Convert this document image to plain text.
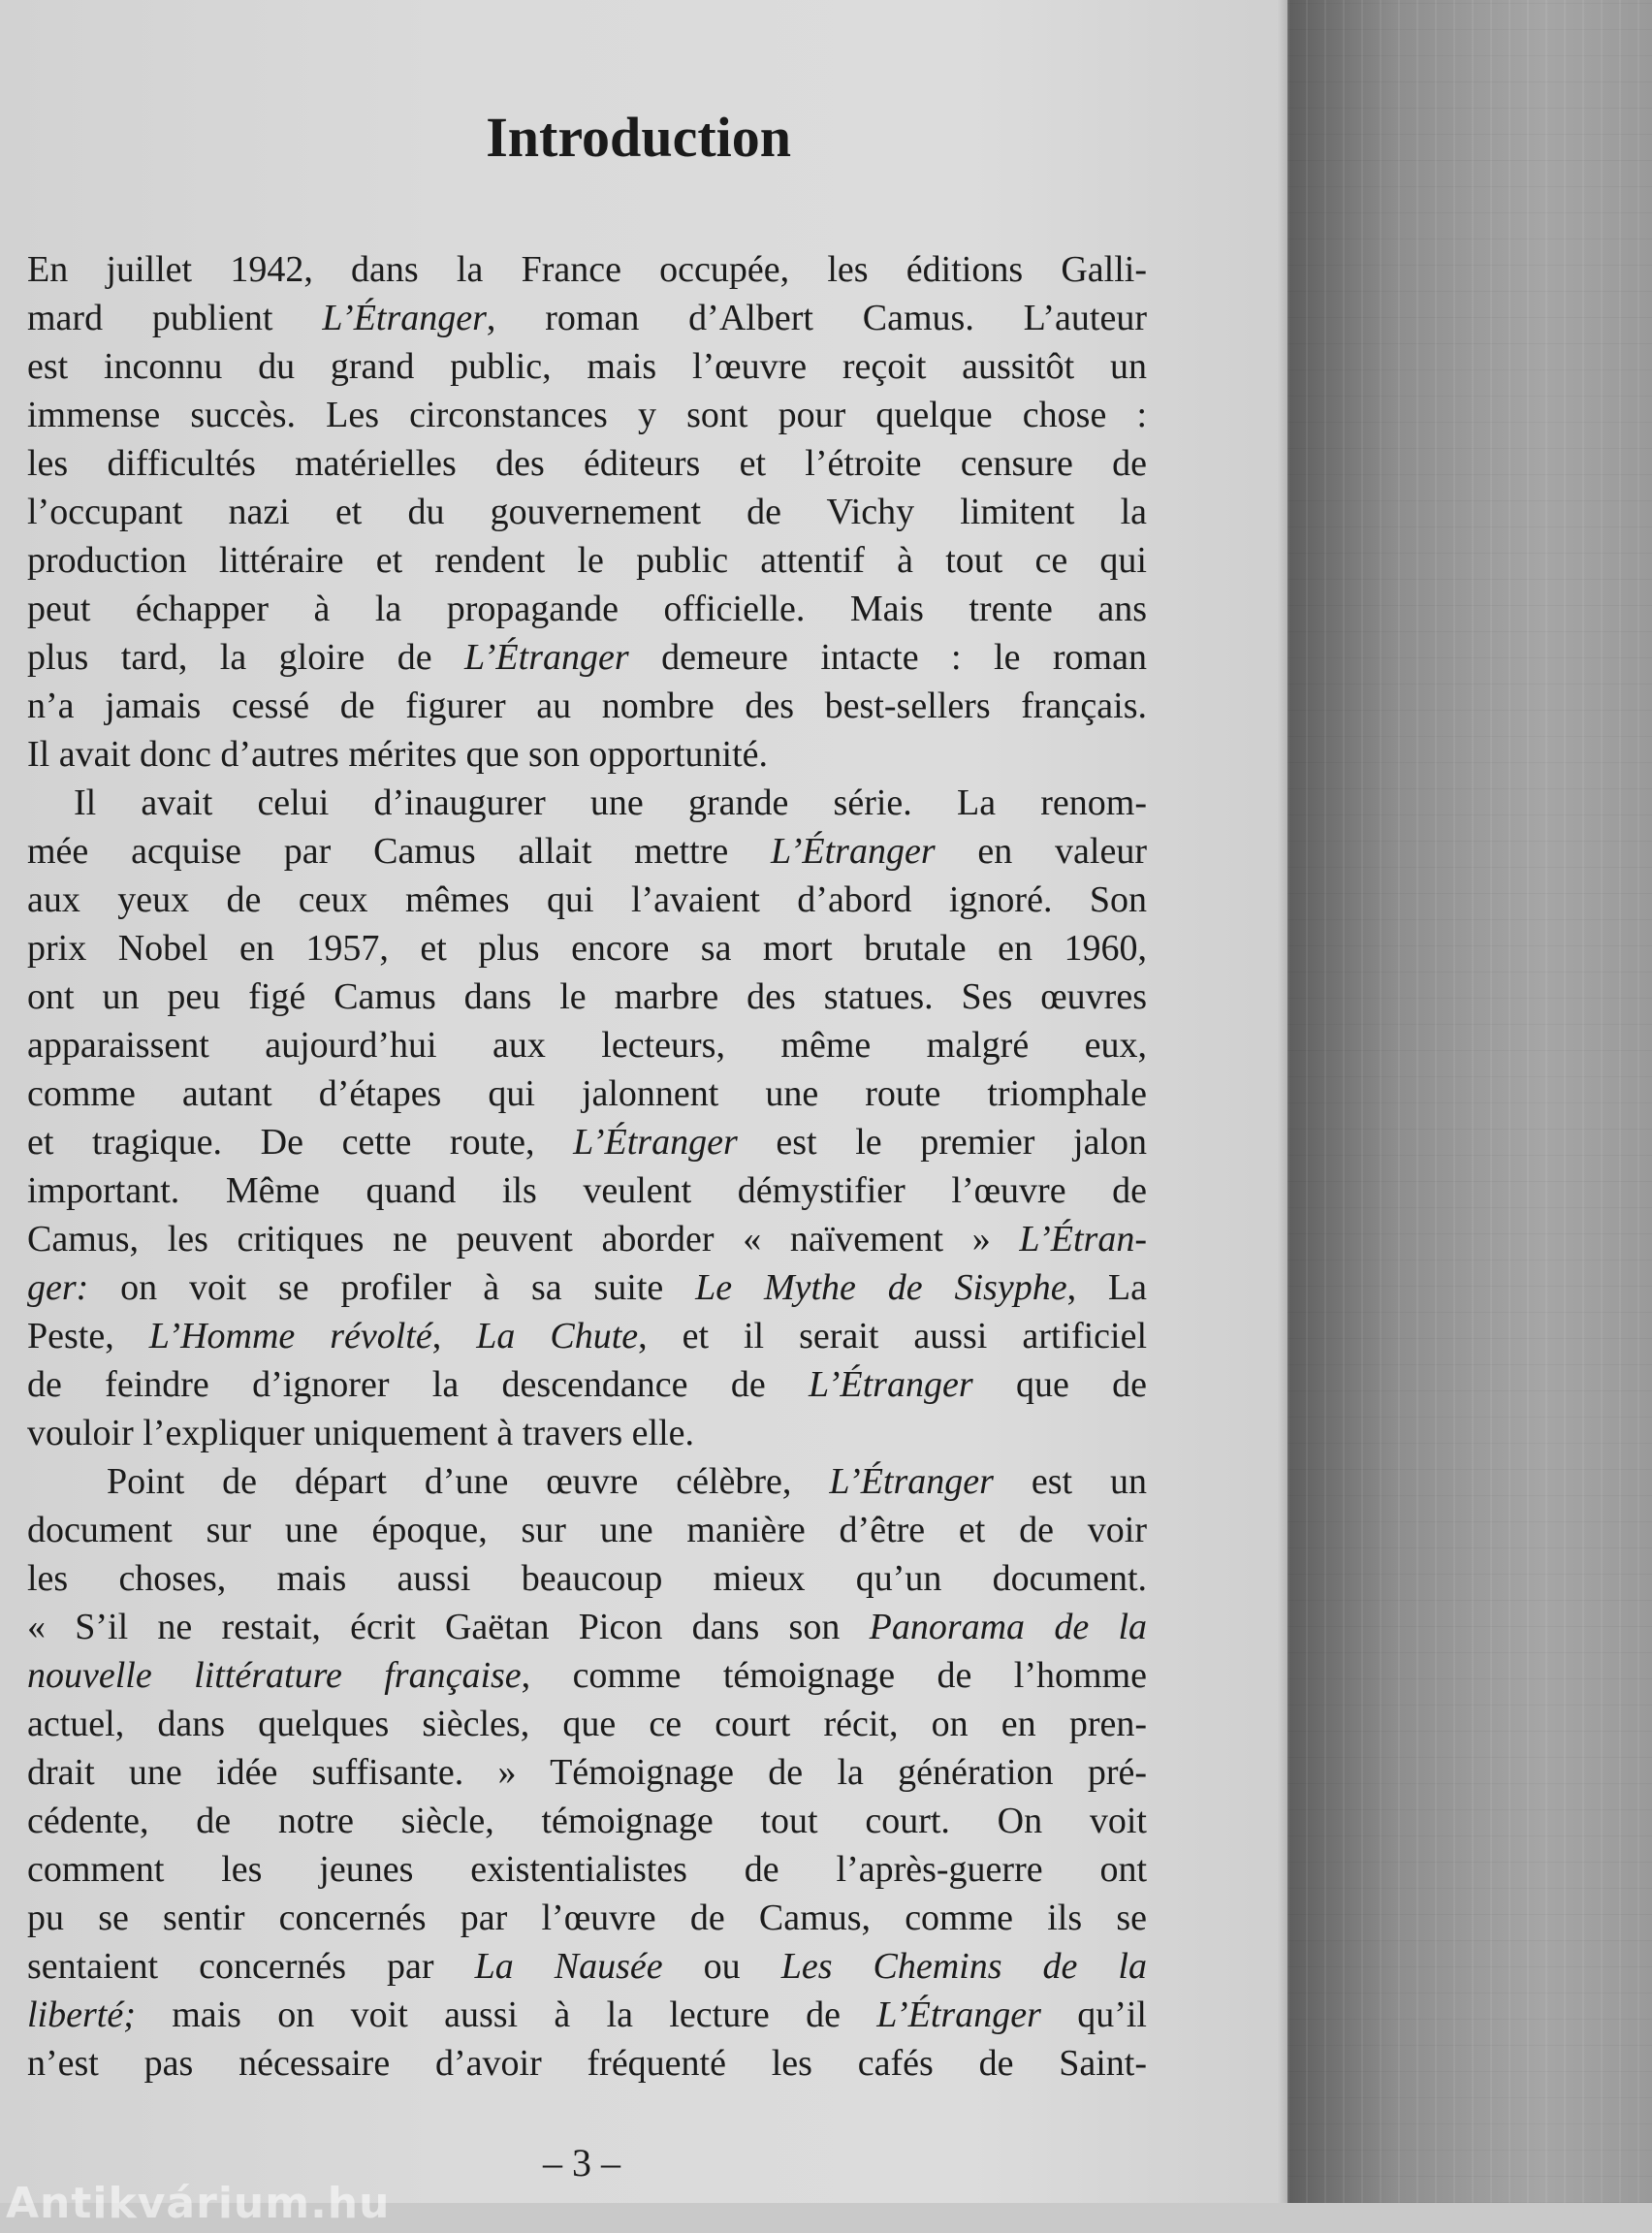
Introduction
En juillet 1942, dans la France occupée, les éditions Galli-
mard publient L’Étranger, roman d’Albert Camus. L’auteur
est inconnu du grand public, mais l’œuvre reçoit aussitôt un
immense succès. Les circonstances y sont pour quelque chose :
les difficultés matérielles des éditeurs et l’étroite censure de
l’occupant nazi et du gouvernement de Vichy limitent la
production littéraire et rendent le public attentif à tout ce qui
peut échapper à la propagande officielle. Mais trente ans
plus tard, la gloire de L’Étranger demeure intacte : le roman
n’a jamais cessé de figurer au nombre des best-sellers français.
Il avait donc d’autres mérites que son opportunité.
Il avait celui d’inaugurer une grande série. La renom-
mée acquise par Camus allait mettre L’Étranger en valeur
aux yeux de ceux mêmes qui l’avaient d’abord ignoré. Son
prix Nobel en 1957, et plus encore sa mort brutale en 1960,
ont un peu figé Camus dans le marbre des statues. Ses œuvres
apparaissent aujourd’hui aux lecteurs, même malgré eux,
comme autant d’étapes qui jalonnent une route triomphale
et tragique. De cette route, L’Étranger est le premier jalon
important. Même quand ils veulent démystifier l’œuvre de
Camus, les critiques ne peuvent aborder « naïvement » L’Étran-
ger: on voit se profiler à sa suite Le Mythe de Sisyphe, La
Peste, L’Homme révolté, La Chute, et il serait aussi artificiel
de feindre d’ignorer la descendance de L’Étranger que de
vouloir l’expliquer uniquement à travers elle.
Point de départ d’une œuvre célèbre, L’Étranger est un
document sur une époque, sur une manière d’être et de voir
les choses, mais aussi beaucoup mieux qu’un document.
« S’il ne restait, écrit Gaëtan Picon dans son Panorama de la
nouvelle littérature française, comme témoignage de l’homme
actuel, dans quelques siècles, que ce court récit, on en pren-
drait une idée suffisante. » Témoignage de la génération pré-
cédente, de notre siècle, témoignage tout court. On voit
comment les jeunes existentialistes de l’après-guerre ont
pu se sentir concernés par l’œuvre de Camus, comme ils se
sentaient concernés par La Nausée ou Les Chemins de la
liberté; mais on voit aussi à la lecture de L’Étranger qu’il
n’est pas nécessaire d’avoir fréquenté les cafés de Saint-
– 3 –
Antikvárium.hu
